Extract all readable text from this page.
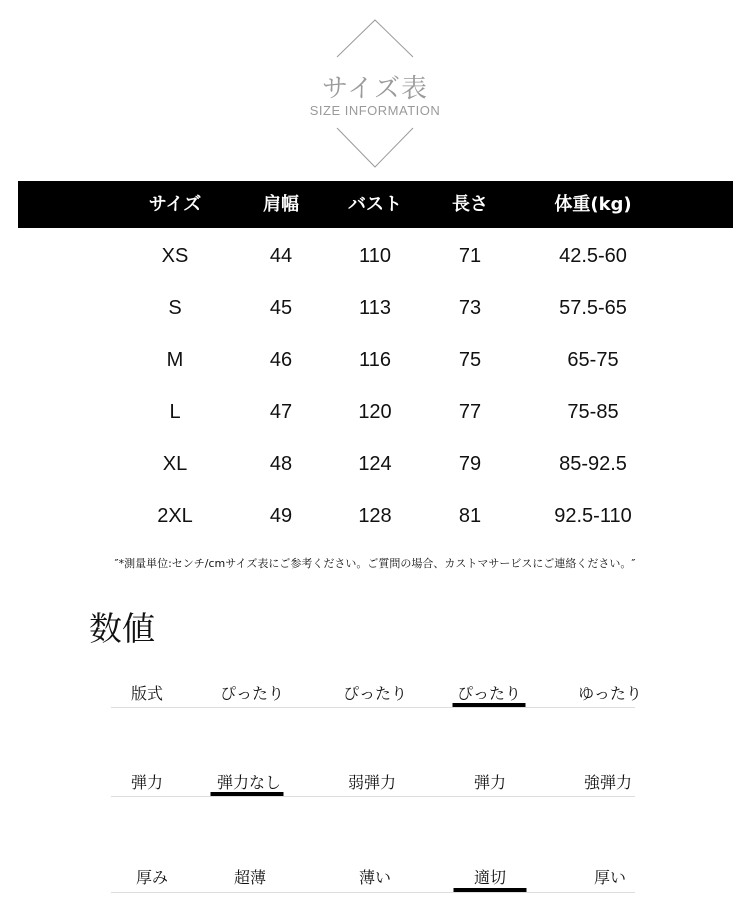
サイズ表
SIZE INFORMATION
サイズ	肩幅	バスト	長さ	体重(kg)
XS	44	110	71	42.5-60
S	45	113	73	57.5-65
M	46	116	75	65-75
L	47	120	77	75-85
XL	48	124	79	85-92.5
2XL	49	128	81	92.5-110
″*測量単位:センチ/cmサイズ表にご参考ください。ご質問の場合、カストマサービスにご連絡ください。″
数値
版式	ぴったり	ぴったり	ぴったり	ゆったり
弾力	弾力なし	弱弾力	弾力	強弾力
厚み	超薄	薄い	適切	厚い
